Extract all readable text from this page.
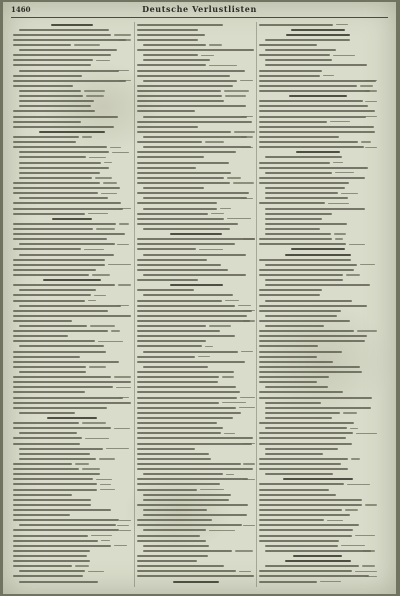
1460	Deutsche Verlustlisten
